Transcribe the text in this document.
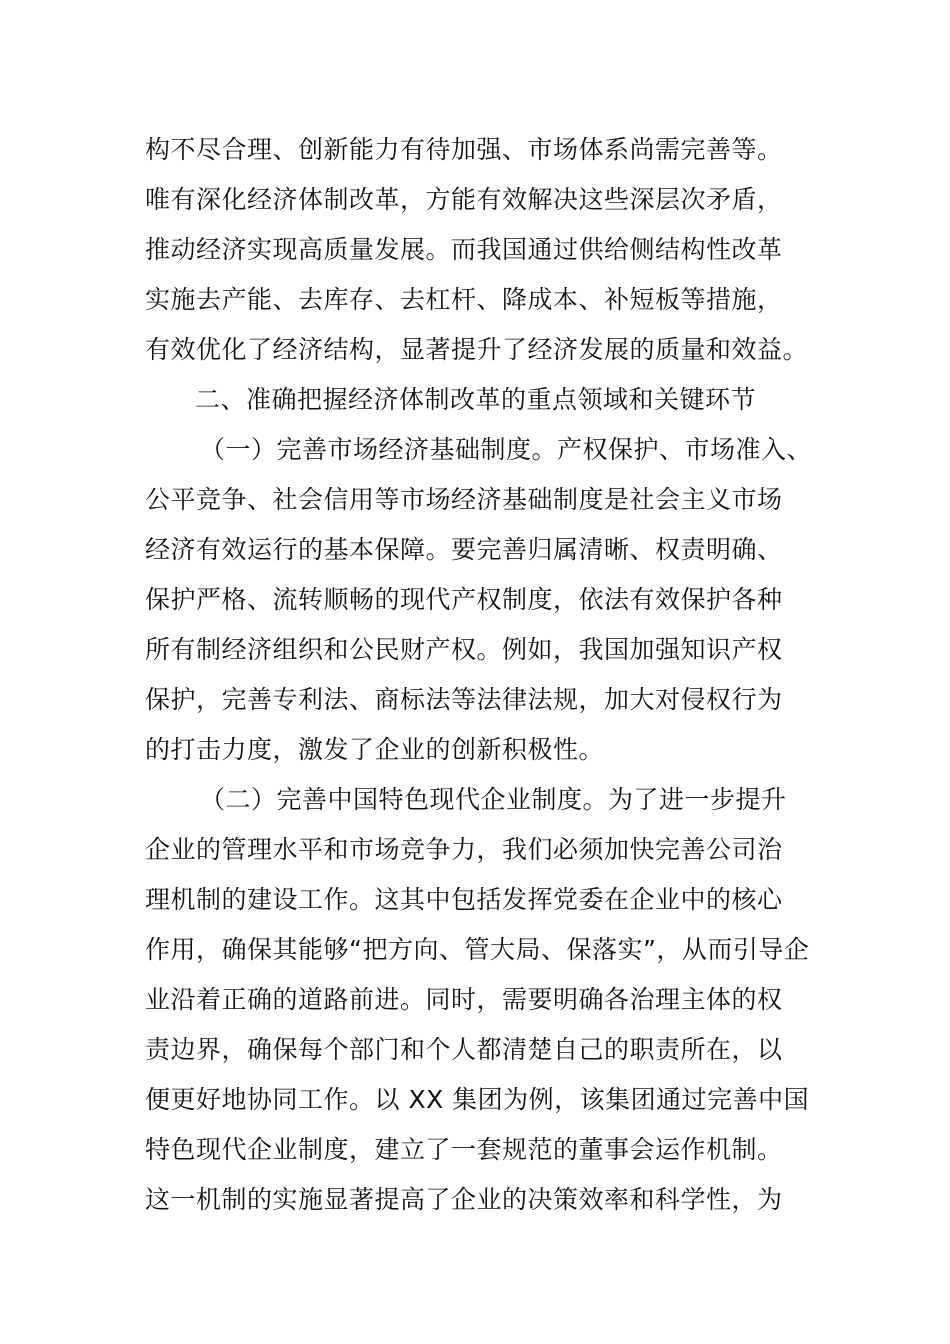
构不尽合理、创新能力有待加强、市场体系尚需完善等。
唯有深化经济体制改革，方能有效解决这些深层次矛盾，
推动经济实现高质量发展。而我国通过供给侧结构性改革
实施去产能、去库存、去杠杆、降成本、补短板等措施，
有效优化了经济结构，显著提升了经济发展的质量和效益。
二、准确把握经济体制改革的重点领域和关键环节
（一）完善市场经济基础制度。产权保护、市场准入、
公平竞争、社会信用等市场经济基础制度是社会主义市场
经济有效运行的基本保障。要完善归属清晰、权责明确、
保护严格、流转顺畅的现代产权制度，依法有效保护各种
所有制经济组织和公民财产权。例如，我国加强知识产权
保护，完善专利法、商标法等法律法规，加大对侵权行为
的打击力度，激发了企业的创新积极性。
（二）完善中国特色现代企业制度。为了进一步提升
企业的管理水平和市场竞争力，我们必须加快完善公司治
理机制的建设工作。这其中包括发挥党委在企业中的核心
作用，确保其能够“把方向、管大局、保落实”，从而引导企
业沿着正确的道路前进。同时，需要明确各治理主体的权
责边界，确保每个部门和个人都清楚自己的职责所在，以
便更好地协同工作。以 XX 集团为例，该集团通过完善中国
特色现代企业制度，建立了一套规范的董事会运作机制。
这一机制的实施显著提高了企业的决策效率和科学性，为
